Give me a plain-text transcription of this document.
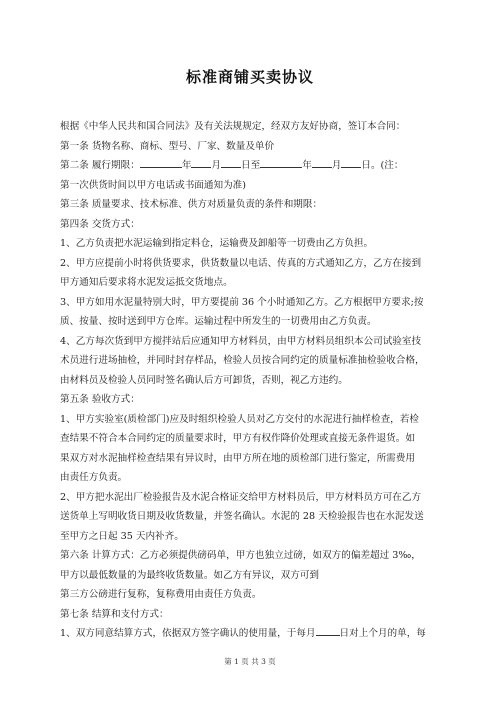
标准商铺买卖协议
根据《中华人民共和国合同法》及有关法规规定，经双方友好协商，签订本合同：
第一条 货物名称、商标、型号、厂家、数量及单价
第二条 履行期限：	年 月 日至	年 月 日。(注：
第一次供货时间以甲方电话或书面通知为准)
第三条 质量要求、技术标准、供方对质量负责的条件和期限：
第四条 交货方式：
1、乙方负责把水泥运输到指定料仓，运输费及卸船等一切费由乙方负担。
2、甲方应提前小时将供货要求，供货数量以电话、传真的方式通知乙方，乙方在接到
甲方通知后要求将水泥发运抵交货地点。
3、甲方如用水泥量特别大时，甲方要提前 36 个小时通知乙方。乙方根据甲方要求;按
质、按量、按时送到甲方仓库。运输过程中所发生的一切费用由乙方负责。
4、乙方每次货到甲方搅拌站后应通知甲方材料员，由甲方材料员组织本公司试验室技
术员进行进场抽检，并同时封存样品，检验人员按合同约定的质量标准抽检验收合格，
由材料员及检验人员同时签名确认后方可卸货，否则，视乙方违约。
第五条 验收方式：
1、甲方实验室(质检部门)应及时组织检验人员对乙方交付的水泥进行抽样检查，若检
查结果不符合本合同约定的质量要求时，甲方有权作降价处理或直接无条件退货。如
果双方对水泥抽样检查结果有异议时，由甲方所在地的质检部门进行鉴定，所需费用
由责任方负责。
2、甲方把水泥出厂检验报告及水泥合格证交给甲方材料员后，甲方材料员方可在乙方
送货单上写明收货日期及收货数量，并签名确认。水泥的 28 天检验报告也在水泥发送
至甲方之日起 35 天内补齐。
第六条 计算方式：乙方必须提供磅码单，甲方也独立过磅，如双方的偏差超过 3‰，
甲方以最低数量的为最终收货数量。如乙方有异议，双方可到
第三方公磅进行复称，复称费用由责任方负责。
第七条 结算和支付方式：
1、双方同意结算方式，依据双方签字确认的使用量，于每月	日对上个月的单，每
第 1 页 共 3 页
